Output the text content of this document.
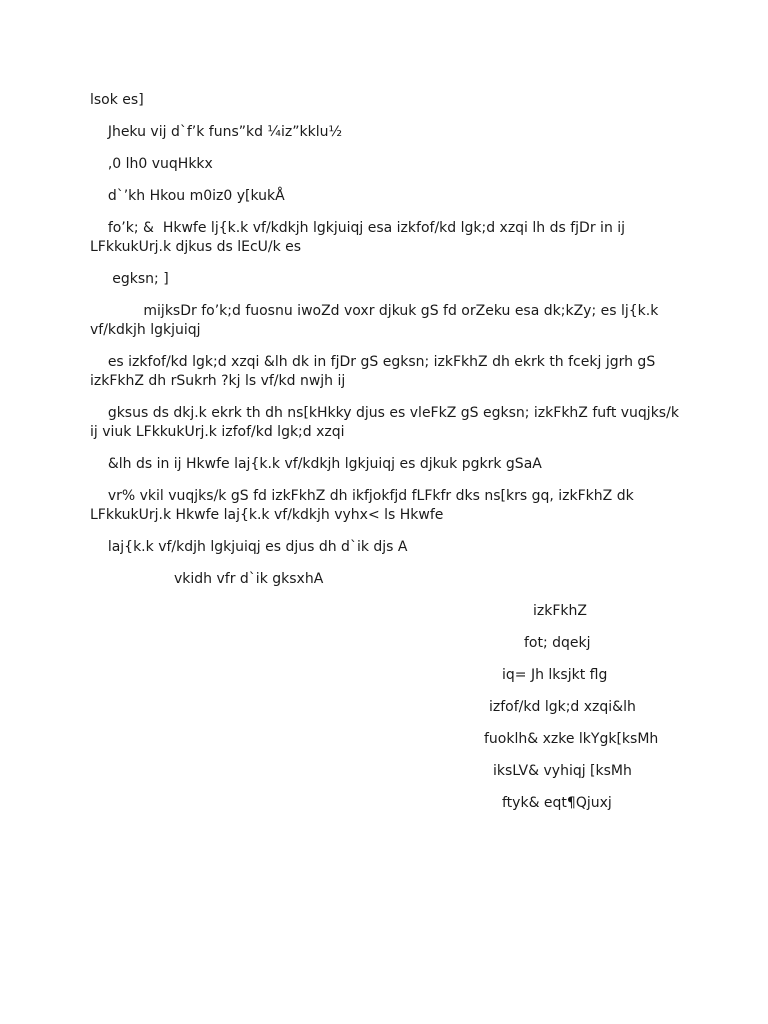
lsok es]

Jheku vij d`f’k funs”kd ¼iz”kklu½

,0 lh0 vuqHkkx

d`’kh Hkou m0iz0 y[kukÅ

fo’k; &  Hkwfe lj{k.k vf/kdkjh lgkjuiqj esa izkfof/kd lgk;d xzqi lh ds fjDr in ij LFkkukUrj.k djkus ds lEcU/k es

egksn; ]

mijksDr fo’k;d fuosnu iwoZd voxr djkuk gS fd orZeku esa dk;kZy; es lj{k.k vf/kdkjh lgkjuiqj

es izkfof/kd lgk;d xzqi &lh dk in fjDr gS egksn; izkFkhZ dh ekrk th fcekj jgrh gS izkFkhZ dh rSukrh ?kj ls vf/kd nwjh ij

gksus ds dkj.k ekrk th dh ns[kHkky djus es vleFkZ gS egksn; izkFkhZ fuft vuqjks/k ij viuk LFkkukUrj.k izfof/kd lgk;d xzqi

&lh ds in ij Hkwfe laj{k.k vf/kdkjh lgkjuiqj es djkuk pgkrk gSaA

vr% vkil vuqjks/k gS fd izkFkhZ dh ikfjokfjd fLFkfr dks ns[krs gq, izkFkhZ dk LFkkukUrj.k Hkwfe laj{k.k vf/kdkjh vyhx< ls Hkwfe

laj{k.k vf/kdjh lgkjuiqj es djus dh d`ik djs A

vkidh vfr d`ik gksxhA

izkFkhZ

fot; dqekj

iq= Jh lksjkt flg

izfof/kd lgk;d xzqi&lh

fuoklh& xzke lkYgk[ksMh

iksLV& vyhiqj [ksMh

ftyk& eqt¶Qjuxj
